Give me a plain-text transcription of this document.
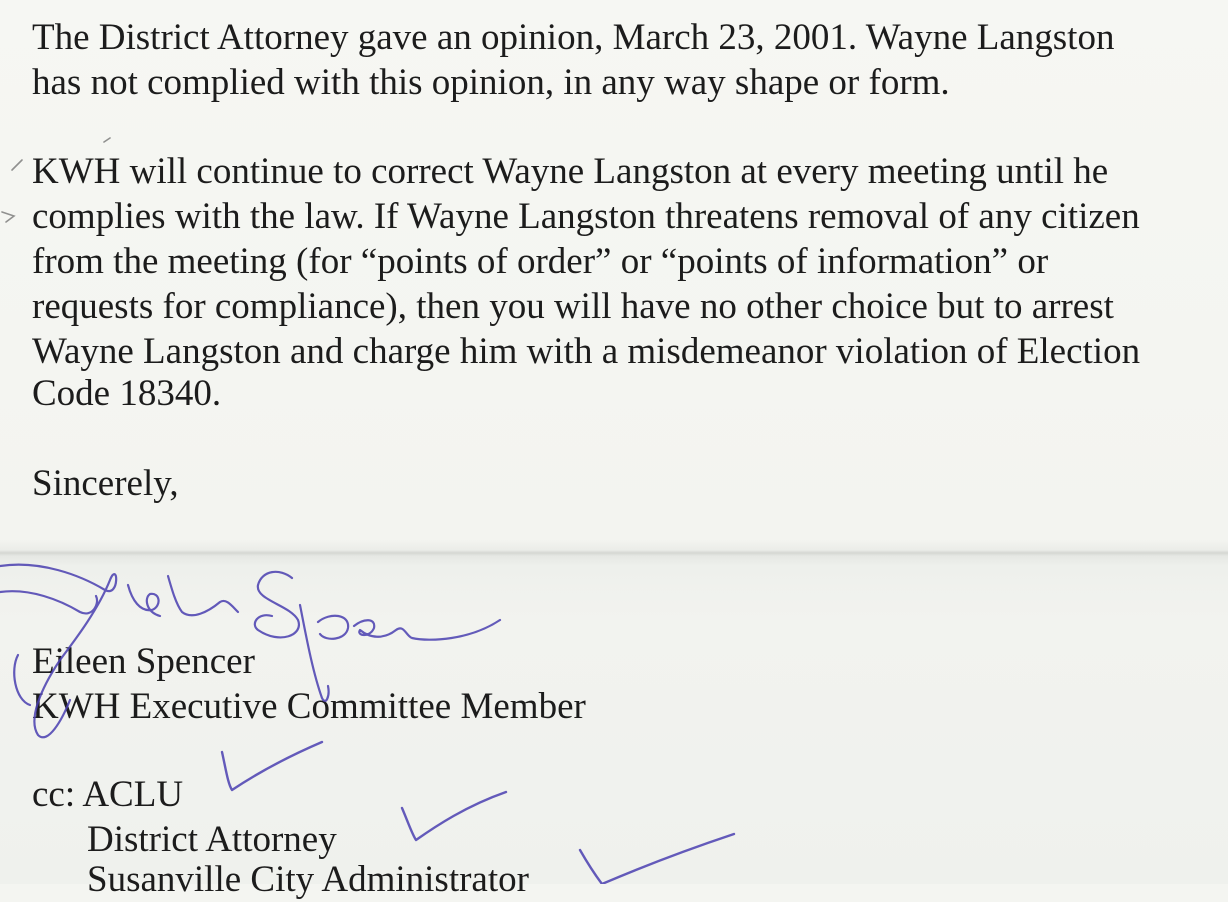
The District Attorney gave an opinion, March 23, 2001. Wayne Langston
has not complied with this opinion, in any way shape or form.
KWH will continue to correct Wayne Langston at every meeting until he
complies with the law. If Wayne Langston threatens removal of any citizen
from the meeting (for “points of order” or “points of information” or
requests for compliance), then you will have no other choice but to arrest
Wayne Langston and charge him with a misdemeanor violation of Election
Code 18340.
Sincerely,
Eileen Spencer
KWH Executive Committee Member
cc: ACLU
District Attorney
Susanville City Administrator
